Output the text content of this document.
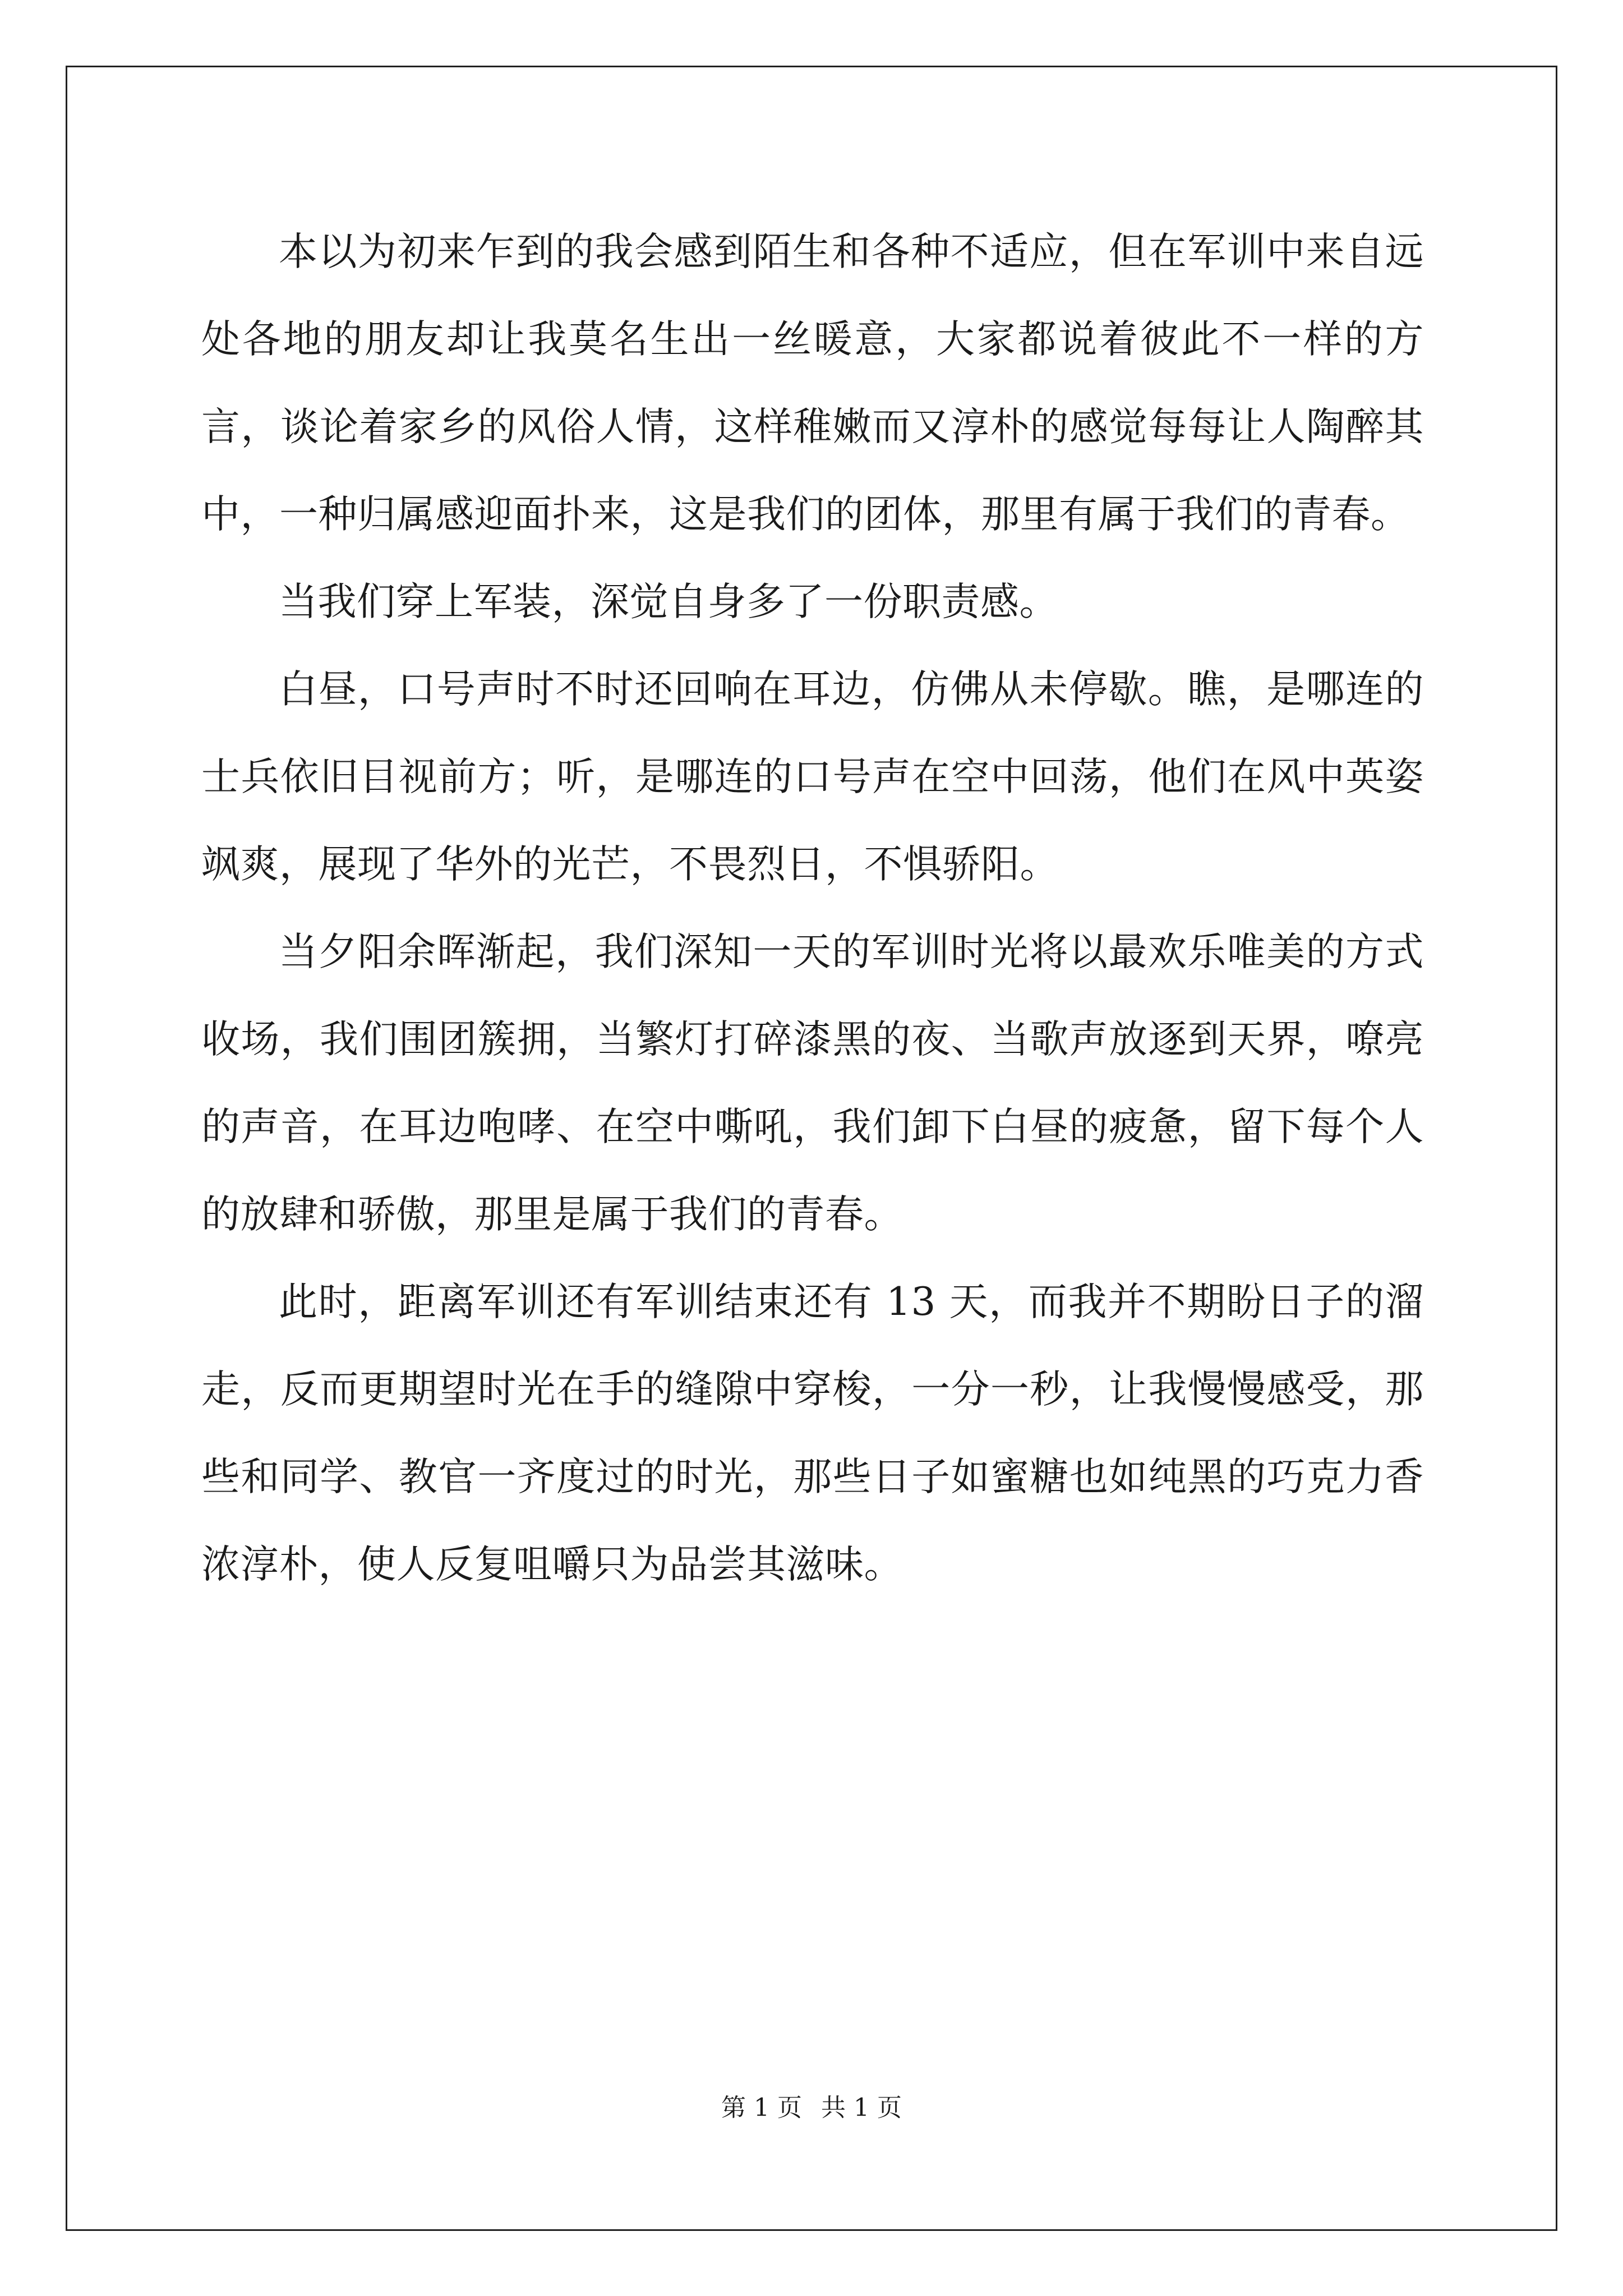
本以为初来乍到的我会感到陌生和各种不适应，但在军训中来自远处各地的朋友却让我莫名生出一丝暖意，大家都说着彼此不一样的方言，谈论着家乡的风俗人情，这样稚嫩而又淳朴的感觉每每让人陶醉其中，一种归属感迎面扑来，这是我们的团体，那里有属于我们的青春。

当我们穿上军装，深觉自身多了一份职责感。

白昼，口号声时不时还回响在耳边，仿佛从未停歇。瞧，是哪连的士兵依旧目视前方；听，是哪连的口号声在空中回荡，他们在风中英姿飒爽，展现了华外的光芒，不畏烈日，不惧骄阳。

当夕阳余晖渐起，我们深知一天的军训时光将以最欢乐唯美的方式收场，我们围团簇拥，当繁灯打碎漆黑的夜、当歌声放逐到天界，嘹亮的声音，在耳边咆哮、在空中嘶吼，我们卸下白昼的疲惫，留下每个人的放肆和骄傲，那里是属于我们的青春。

此时，距离军训还有军训结束还有 13 天，而我并不期盼日子的溜走，反而更期望时光在手的缝隙中穿梭，一分一秒，让我慢慢感受，那些和同学、教官一齐度过的时光，那些日子如蜜糖也如纯黑的巧克力香浓淳朴，使人反复咀嚼只为品尝其滋味。

第 1 页 共 1 页
